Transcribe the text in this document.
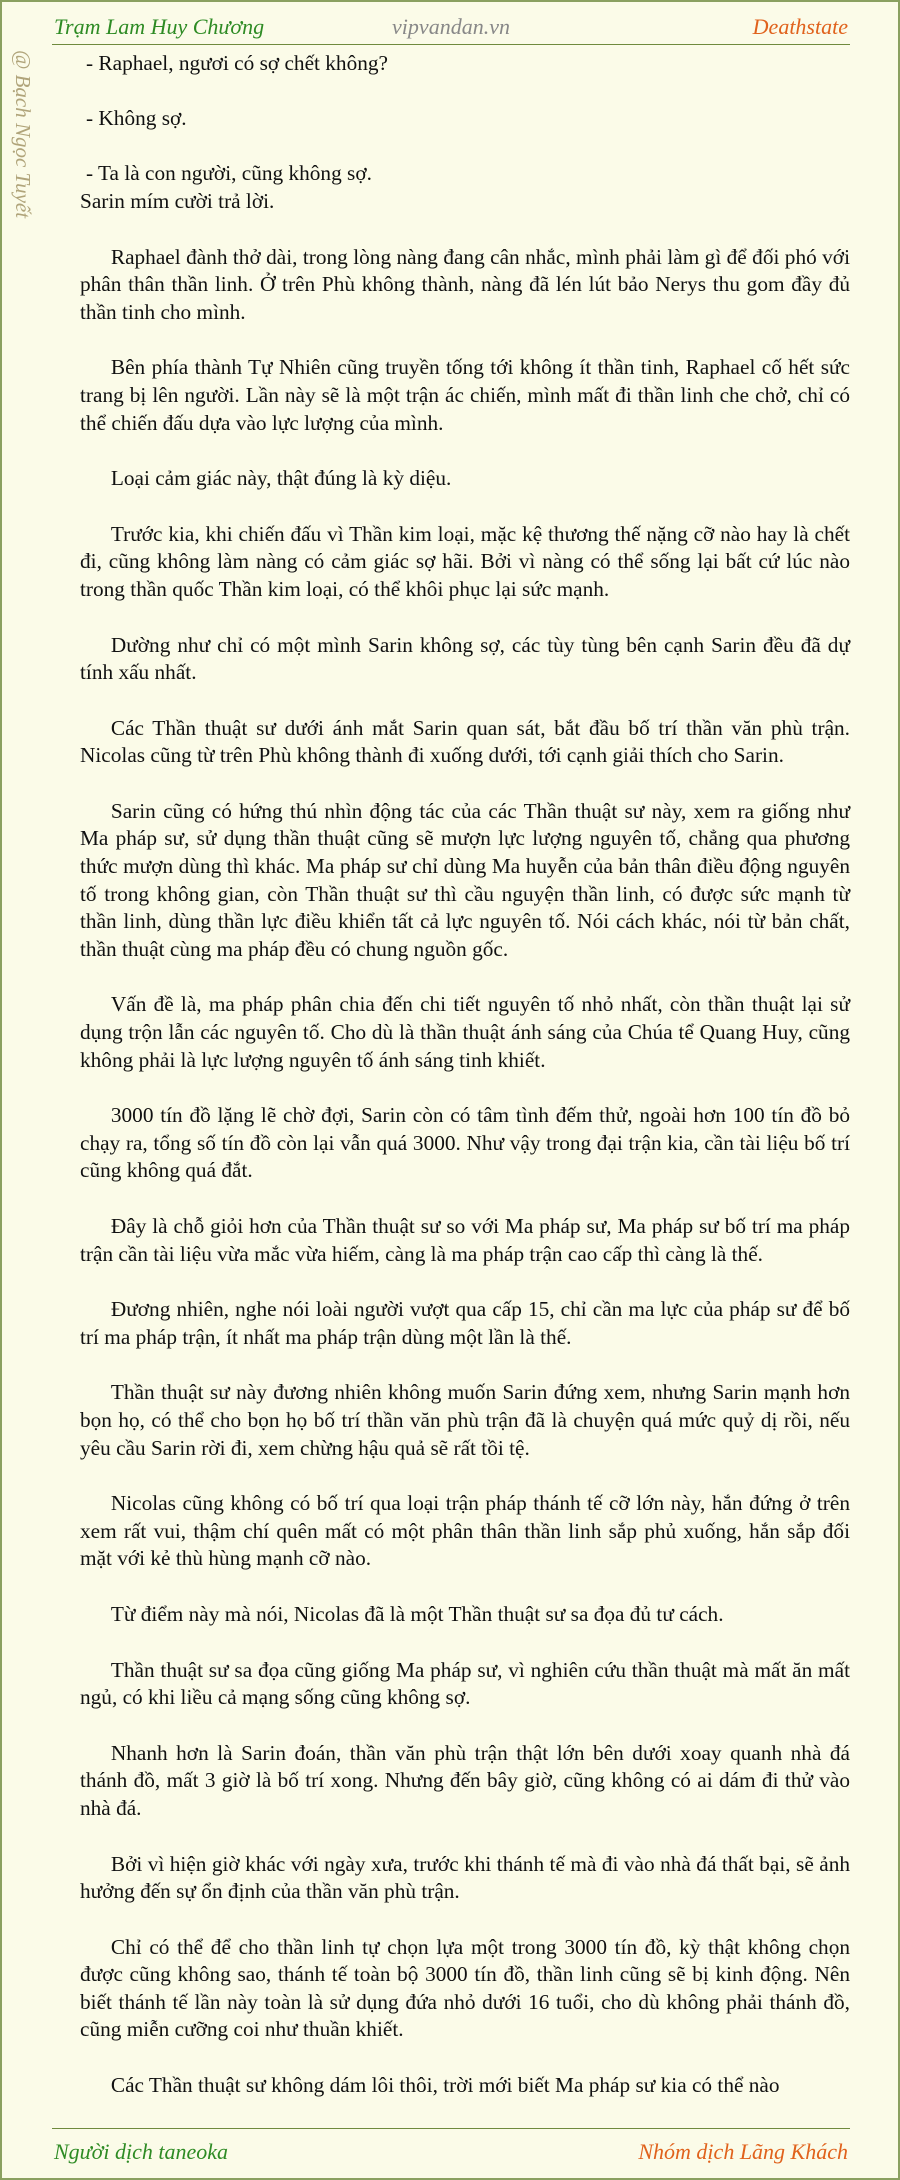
Trạm Lam Huy Chương	vipvandan.vn	Deathstate
@ Bạch Ngọc Tuyết - Raphael, ngươi có sợ chết không?

- Không sợ.

- Ta là con người, cũng không sợ.

Sarin mím cười trả lời.

Raphael đành thở dài, trong lòng nàng đang cân nhắc, mình phải làm gì để đối phó với phân thân thần linh. Ở trên Phù không thành, nàng đã lén lút bảo Nerys thu gom đầy đủ thần tinh cho mình.

Bên phía thành Tự Nhiên cũng truyền tống tới không ít thần tinh, Raphael cố hết sức trang bị lên người. Lần này sẽ là một trận ác chiến, mình mất đi thần linh che chở, chỉ có thể chiến đấu dựa vào lực lượng của mình.

Loại cảm giác này, thật đúng là kỳ diệu.

Trước kia, khi chiến đấu vì Thần kim loại, mặc kệ thương thế nặng cỡ nào hay là chết đi, cũng không làm nàng có cảm giác sợ hãi. Bởi vì nàng có thể sống lại bất cứ lúc nào trong thần quốc Thần kim loại, có thể khôi phục lại sức mạnh.

Dường như chỉ có một mình Sarin không sợ, các tùy tùng bên cạnh Sarin đều đã dự tính xấu nhất.

Các Thần thuật sư dưới ánh mắt Sarin quan sát, bắt đầu bố trí thần văn phù trận. Nicolas cũng từ trên Phù không thành đi xuống dưới, tới cạnh giải thích cho Sarin.

Sarin cũng có hứng thú nhìn động tác của các Thần thuật sư này, xem ra giống như Ma pháp sư, sử dụng thần thuật cũng sẽ mượn lực lượng nguyên tố, chẳng qua phương thức mượn dùng thì khác. Ma pháp sư chỉ dùng Ma huyễn của bản thân điều động nguyên tố trong không gian, còn Thần thuật sư thì cầu nguyện thần linh, có được sức mạnh từ thần linh, dùng thần lực điều khiển tất cả lực nguyên tố. Nói cách khác, nói từ bản chất, thần thuật cùng ma pháp đều có chung nguồn gốc.

Vấn đề là, ma pháp phân chia đến chi tiết nguyên tố nhỏ nhất, còn thần thuật lại sử dụng trộn lẫn các nguyên tố. Cho dù là thần thuật ánh sáng của Chúa tể Quang Huy, cũng không phải là lực lượng nguyên tố ánh sáng tinh khiết.

3000 tín đồ lặng lẽ chờ đợi, Sarin còn có tâm tình đếm thử, ngoài hơn 100 tín đồ bỏ chạy ra, tổng số tín đồ còn lại vẫn quá 3000. Như vậy trong đại trận kia, cần tài liệu bố trí cũng không quá đắt.

Đây là chỗ giỏi hơn của Thần thuật sư so với Ma pháp sư, Ma pháp sư bố trí ma pháp trận cần tài liệu vừa mắc vừa hiếm, càng là ma pháp trận cao cấp thì càng là thế.

Đương nhiên, nghe nói loài người vượt qua cấp 15, chỉ cần ma lực của pháp sư để bố trí ma pháp trận, ít nhất ma pháp trận dùng một lần là thế.

Thần thuật sư này đương nhiên không muốn Sarin đứng xem, nhưng Sarin mạnh hơn bọn họ, có thể cho bọn họ bố trí thần văn phù trận đã là chuyện quá mức quỷ dị rồi, nếu yêu cầu Sarin rời đi, xem chừng hậu quả sẽ rất tồi tệ.

Nicolas cũng không có bố trí qua loại trận pháp thánh tế cỡ lớn này, hắn đứng ở trên xem rất vui, thậm chí quên mất có một phân thân thần linh sắp phủ xuống, hắn sắp đối mặt với kẻ thù hùng mạnh cỡ nào.

Từ điểm này mà nói, Nicolas đã là một Thần thuật sư sa đọa đủ tư cách.

Thần thuật sư sa đọa cũng giống Ma pháp sư, vì nghiên cứu thần thuật mà mất ăn mất ngủ, có khi liều cả mạng sống cũng không sợ.

Nhanh hơn là Sarin đoán, thần văn phù trận thật lớn bên dưới xoay quanh nhà đá thánh đồ, mất 3 giờ là bố trí xong. Nhưng đến bây giờ, cũng không có ai dám đi thử vào nhà đá.

Bởi vì hiện giờ khác với ngày xưa, trước khi thánh tế mà đi vào nhà đá thất bại, sẽ ảnh hưởng đến sự ổn định của thần văn phù trận.

Chỉ có thể để cho thần linh tự chọn lựa một trong 3000 tín đồ, kỳ thật không chọn được cũng không sao, thánh tế toàn bộ 3000 tín đồ, thần linh cũng sẽ bị kinh động. Nên biết thánh tế lần này toàn là sử dụng đứa nhỏ dưới 16 tuổi, cho dù không phải thánh đồ, cũng miễn cưỡng coi như thuần khiết.

Các Thần thuật sư không dám lôi thôi, trời mới biết Ma pháp sư kia có thể nào

Người dịch taneoka	Nhóm dịch Lãng Khách
